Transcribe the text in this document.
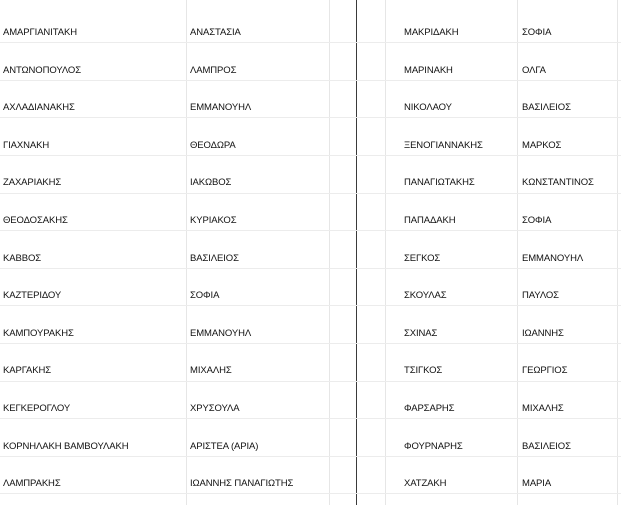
ΑΜΑΡΓΙΑΝΙΤΑΚΗ	ΑΝΑΣΤΑΣΙΑ	ΜΑΚΡΙΔΑΚΗ	ΣΟΦΙΑ
ΑΝΤΩΝΟΠΟΥΛΟΣ	ΛΑΜΠΡΟΣ	ΜΑΡΙΝΑΚΗ	ΟΛΓΑ
ΑΧΛΑΔΙΑΝΑΚΗΣ	ΕΜΜΑΝΟΥΗΛ	ΝΙΚΟΛΑΟΥ	ΒΑΣΙΛΕΙΟΣ
ΓΙΑΧΝΑΚΗ	ΘΕΟΔΩΡΑ	ΞΕΝΟΓΙΑΝΝΑΚΗΣ	ΜΑΡΚΟΣ
ΖΑΧΑΡΙΑΚΗΣ	ΙΑΚΩΒΟΣ	ΠΑΝΑΓΙΩΤΑΚΗΣ	ΚΩΝΣΤΑΝΤΙΝΟΣ
ΘΕΟΔΟΣΑΚΗΣ	ΚΥΡΙΑΚΟΣ	ΠΑΠΑΔΑΚΗ	ΣΟΦΙΑ
ΚΑΒΒΟΣ	ΒΑΣΙΛΕΙΟΣ	ΣΕΓΚΟΣ	ΕΜΜΑΝΟΥΗΛ
ΚΑΖΤΕΡΙΔΟΥ	ΣΟΦΙΑ	ΣΚΟΥΛΑΣ	ΠΑΥΛΟΣ
ΚΑΜΠΟΥΡΑΚΗΣ	ΕΜΜΑΝΟΥΗΛ	ΣΧΙΝΑΣ	ΙΩΑΝΝΗΣ
ΚΑΡΓΑΚΗΣ	ΜΙΧΑΛΗΣ	ΤΣΙΓΚΟΣ	ΓΕΩΡΓΙΟΣ
ΚΕΓΚΕΡΟΓΛΟΥ	ΧΡΥΣΟΥΛΑ	ΦΑΡΣΑΡΗΣ	ΜΙΧΑΛΗΣ
ΚΟΡΝΗΛΑΚΗ ΒΑΜΒΟΥΛΑΚΗ	ΑΡΙΣΤΕΑ (ΑΡΙΑ)	ΦΟΥΡΝΑΡΗΣ	ΒΑΣΙΛΕΙΟΣ
ΛΑΜΠΡΑΚΗΣ	ΙΩΑΝΝΗΣ ΠΑΝΑΓΙΩΤΗΣ	ΧΑΤΖΑΚΗ	ΜΑΡΙΑ
